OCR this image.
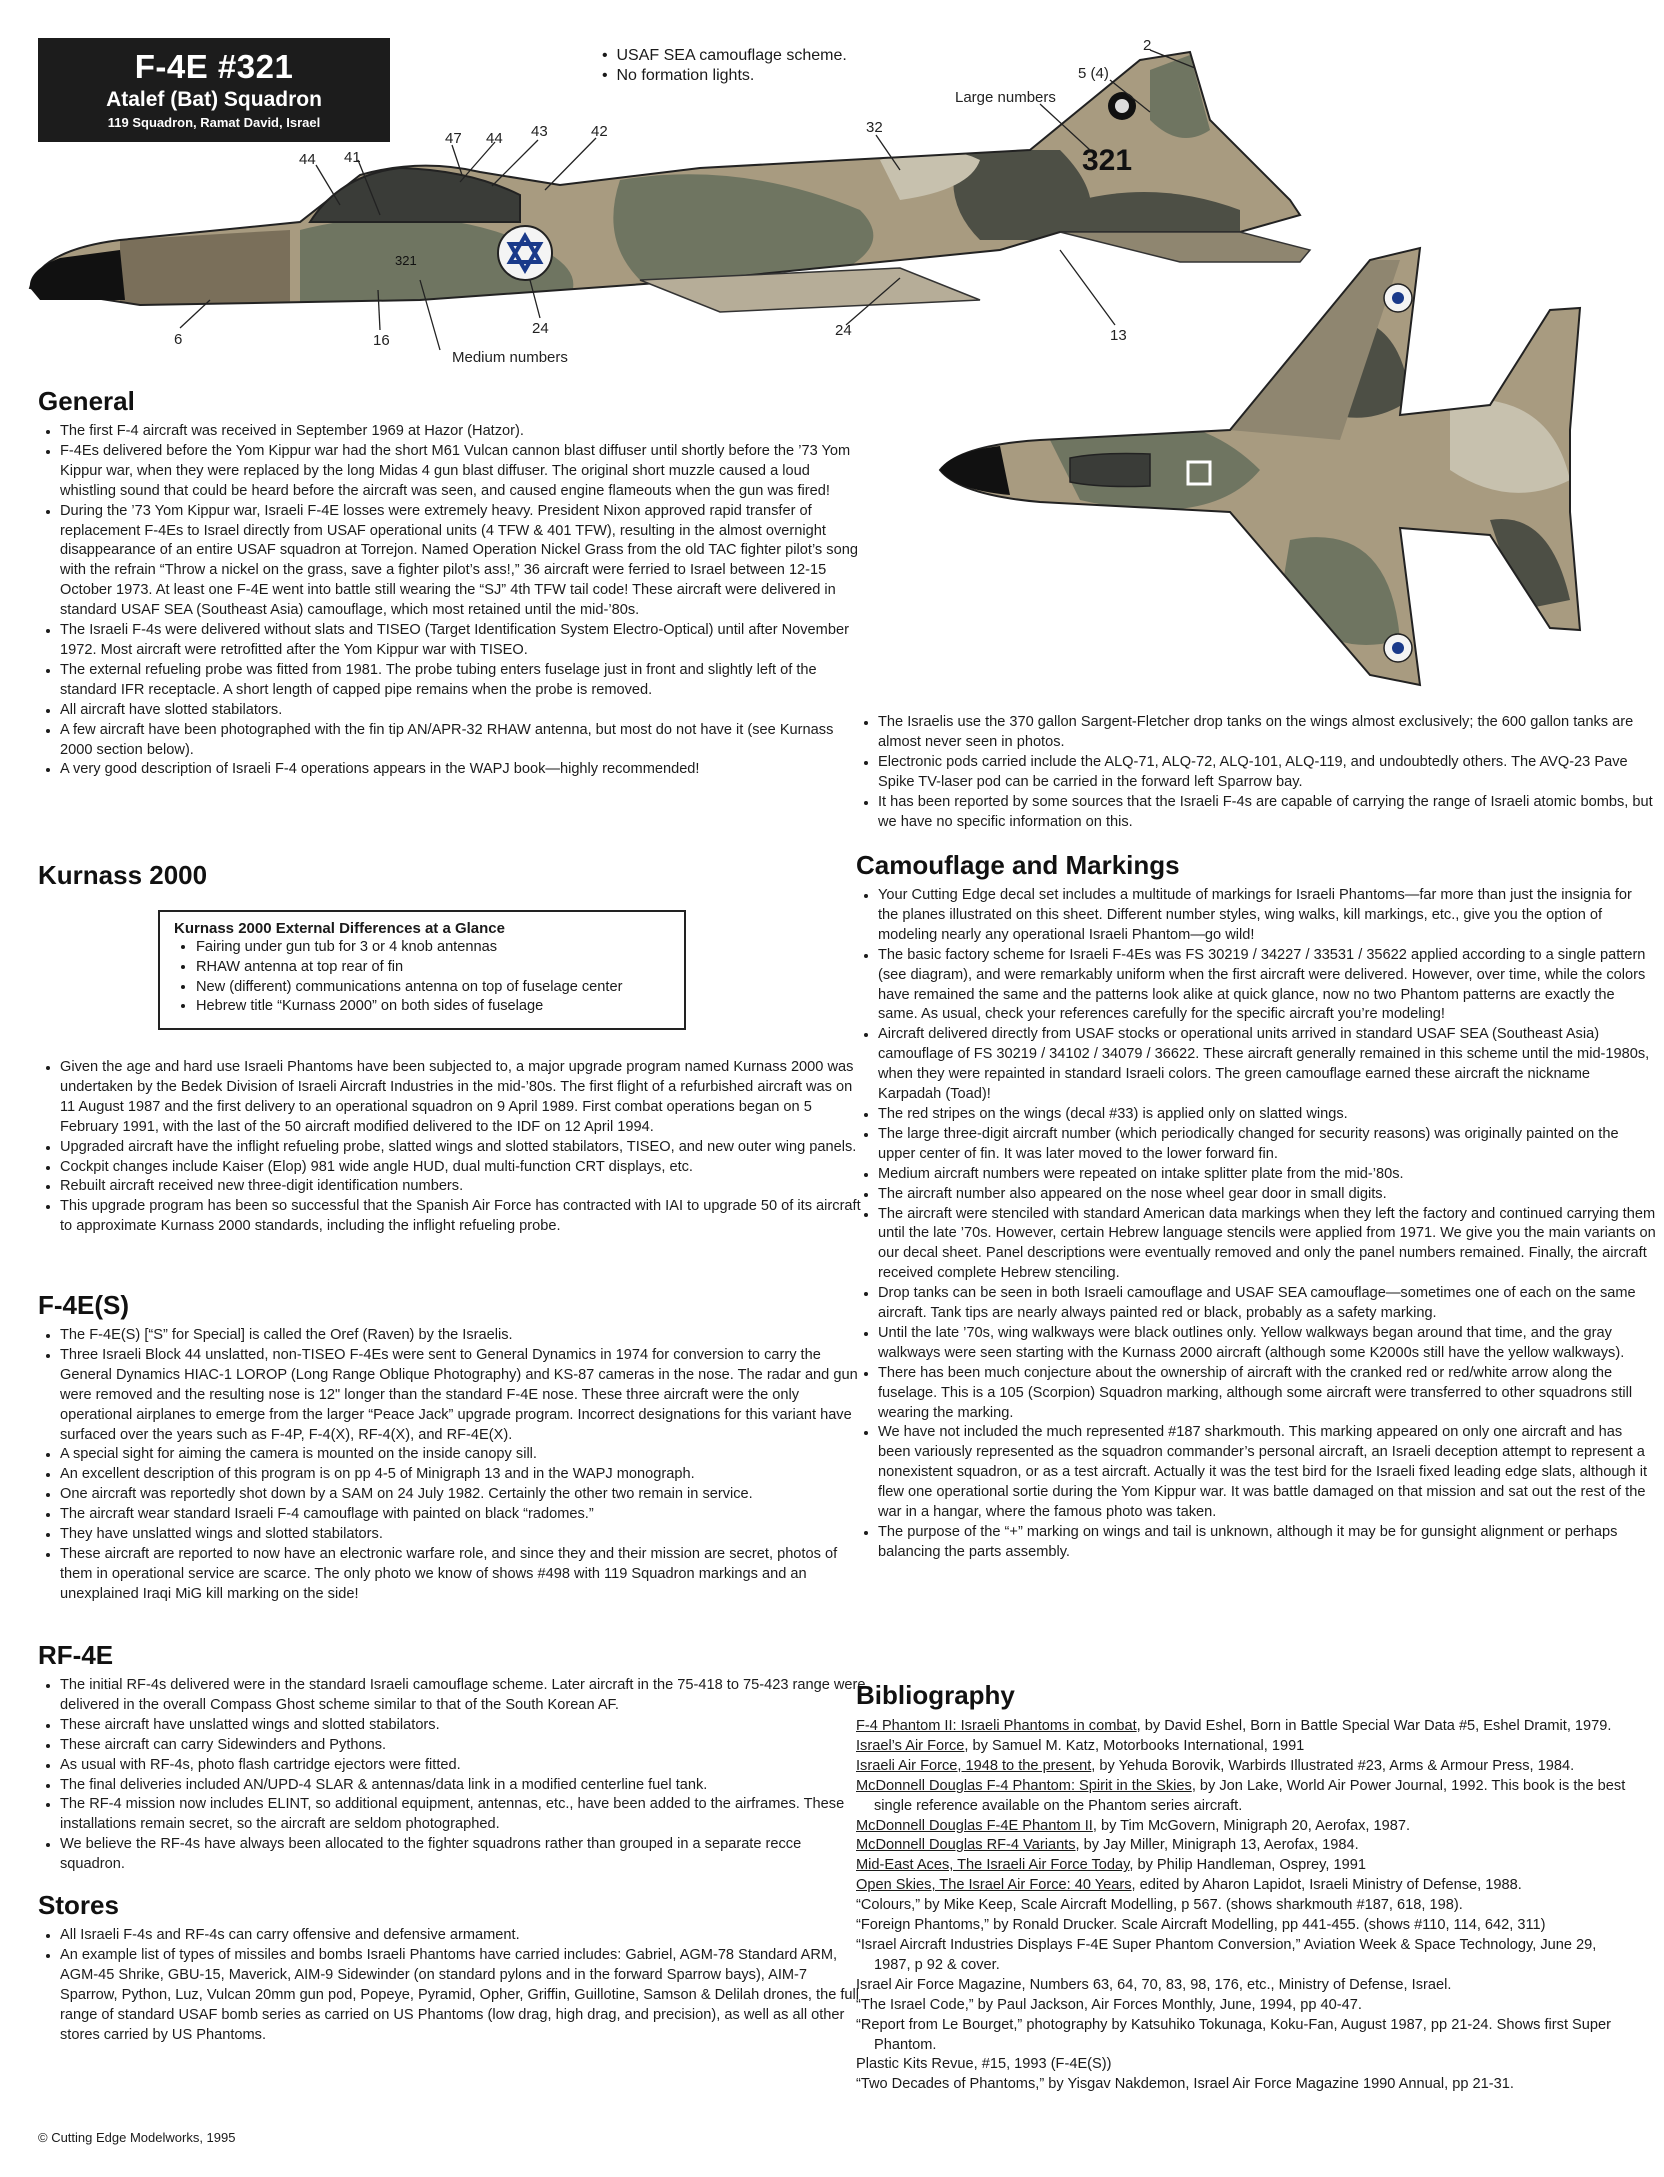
F-4E #321
Atalef (Bat) Squadron
119 Squadron, Ramat David, Israel
•  USAF SEA camouflage scheme.
•  No formation lights.
321
321
2
5 (4)
Large numbers
32
47 44 43	42
44 41
6	16
24	24	13
Medium numbers
General
• The first F-4 aircraft was received in September 1969 at Hazor (Hatzor).
• F-4Es delivered before the Yom Kippur war had the short M61 Vulcan cannon blast diffuser until shortly before the ’73 Yom Kippur war, when they were replaced by the long Midas 4 gun blast diffuser. The original short muzzle caused a loud whistling sound that could be heard before the aircraft was seen, and caused engine flameouts when the gun was fired!
• During the ’73 Yom Kippur war, Israeli F-4E losses were extremely heavy. President Nixon approved rapid transfer of replacement F-4Es to Israel directly from USAF operational units (4 TFW & 401 TFW), resulting in the almost overnight disappearance of an entire USAF squadron at Torrejon. Named Operation Nickel Grass from the old TAC fighter pilot’s song with the refrain “Throw a nickel on the grass, save a fighter pilot’s ass!,” 36 aircraft were ferried to Israel between 12-15 October 1973. At least one F-4E went into battle still wearing the “SJ” 4th TFW tail code! These aircraft were delivered in standard USAF SEA (Southeast Asia) camouflage, which most retained until the mid-’80s.
• The Israeli F-4s were delivered without slats and TISEO (Target Identification System Electro-Optical) until after November 1972. Most aircraft were retrofitted after the Yom Kippur war with TISEO.
• The external refueling probe was fitted from 1981. The probe tubing enters fuselage just in front and slightly left of the standard IFR receptacle. A short length of capped pipe remains when the probe is removed.
• All aircraft have slotted stabilators.
• A few aircraft have been photographed with the fin tip AN/APR-32 RHAW antenna, but most do not have it (see Kurnass 2000 section below).
• A very good description of Israeli F-4 operations appears in the WAPJ book—highly recommended!
Kurnass 2000
Kurnass 2000 External Differences at a Glance
• Fairing under gun tub for 3 or 4 knob antennas
• RHAW antenna at top rear of fin
• New (different) communications antenna on top of fuselage center
• Hebrew title “Kurnass 2000” on both sides of fuselage
• Given the age and hard use Israeli Phantoms have been subjected to, a major upgrade program named Kurnass 2000 was undertaken by the Bedek Division of Israeli Aircraft Industries in the mid-’80s. The first flight of a refurbished aircraft was on 11 August 1987 and the first delivery to an operational squadron on 9 April 1989. First combat operations began on 5 February 1991, with the last of the 50 aircraft modified delivered to the IDF on 12 April 1994.
• Upgraded aircraft have the inflight refueling probe, slatted wings and slotted stabilators, TISEO, and new outer wing panels.
• Cockpit changes include Kaiser (Elop) 981 wide angle HUD, dual multi-function CRT displays, etc.
• Rebuilt aircraft received new three-digit identification numbers.
• This upgrade program has been so successful that the Spanish Air Force has contracted with IAI to upgrade 50 of its aircraft to approximate Kurnass 2000 standards, including the inflight refueling probe.
F-4E(S)
• The F-4E(S) [“S” for Special] is called the Oref (Raven) by the Israelis.
• Three Israeli Block 44 unslatted, non-TISEO F-4Es were sent to General Dynamics in 1974 for conversion to carry the General Dynamics HIAC-1 LOROP (Long Range Oblique Photography) and KS-87 cameras in the nose. The radar and gun were removed and the resulting nose is 12" longer than the standard F-4E nose. These three aircraft were the only operational airplanes to emerge from the larger “Peace Jack” upgrade program. Incorrect designations for this variant have surfaced over the years such as F-4P, F-4(X), RF-4(X), and RF-4E(X).
• A special sight for aiming the camera is mounted on the inside canopy sill.
• An excellent description of this program is on pp 4-5 of Minigraph 13 and in the WAPJ monograph.
• One aircraft was reportedly shot down by a SAM on 24 July 1982. Certainly the other two remain in service.
• The aircraft wear standard Israeli F-4 camouflage with painted on black “radomes.”
• They have unslatted wings and slotted stabilators.
• These aircraft are reported to now have an electronic warfare role, and since they and their mission are secret, photos of them in operational service are scarce. The only photo we know of shows #498 with 119 Squadron markings and an unexplained Iraqi MiG kill marking on the side!
RF-4E
• The initial RF-4s delivered were in the standard Israeli camouflage scheme. Later aircraft in the 75-418 to 75-423 range were delivered in the overall Compass Ghost scheme similar to that of the South Korean AF.
• These aircraft have unslatted wings and slotted stabilators.
• These aircraft can carry Sidewinders and Pythons.
• As usual with RF-4s, photo flash cartridge ejectors were fitted.
• The final deliveries included AN/UPD-4 SLAR & antennas/data link in a modified centerline fuel tank.
• The RF-4 mission now includes ELINT, so additional equipment, antennas, etc., have been added to the airframes. These installations remain secret, so the aircraft are seldom photographed.
• We believe the RF-4s have always been allocated to the fighter squadrons rather than grouped in a separate recce squadron.
Stores
• All Israeli F-4s and RF-4s can carry offensive and defensive armament.
• An example list of types of missiles and bombs Israeli Phantoms have carried includes: Gabriel, AGM-78 Standard ARM, AGM-45 Shrike, GBU-15, Maverick, AIM-9 Sidewinder (on standard pylons and in the forward Sparrow bays), AIM-7 Sparrow, Python, Luz, Vulcan 20mm gun pod, Popeye, Pyramid, Opher, Griffin, Guillotine, Samson & Delilah drones, the full range of standard USAF bomb series as carried on US Phantoms (low drag, high drag, and precision), as well as all other stores carried by US Phantoms.
• The Israelis use the 370 gallon Sargent-Fletcher drop tanks on the wings almost exclusively; the 600 gallon tanks are almost never seen in photos.
• Electronic pods carried include the ALQ-71, ALQ-72, ALQ-101, ALQ-119, and undoubtedly others. The AVQ-23 Pave Spike TV-laser pod can be carried in the forward left Sparrow bay.
• It has been reported by some sources that the Israeli F-4s are capable of carrying the range of Israeli atomic bombs, but we have no specific information on this.
Camouflage and Markings
• Your Cutting Edge decal set includes a multitude of markings for Israeli Phantoms—far more than just the insignia for the planes illustrated on this sheet. Different number styles, wing walks, kill markings, etc., give you the option of modeling nearly any operational Israeli Phantom—go wild!
• The basic factory scheme for Israeli F-4Es was FS 30219 / 34227 / 33531 / 35622 applied according to a single pattern (see diagram), and were remarkably uniform when the first aircraft were delivered. However, over time, while the colors have remained the same and the patterns look alike at quick glance, now no two Phantom patterns are exactly the same. As usual, check your references carefully for the specific aircraft you’re modeling!
• Aircraft delivered directly from USAF stocks or operational units arrived in standard USAF SEA (Southeast Asia) camouflage of FS 30219 / 34102 / 34079 / 36622. These aircraft generally remained in this scheme until the mid-1980s, when they were repainted in standard Israeli colors. The green camouflage earned these aircraft the nickname Karpadah (Toad)!
• The red stripes on the wings (decal #33) is applied only on slatted wings.
• The large three-digit aircraft number (which periodically changed for security reasons) was originally painted on the upper center of fin. It was later moved to the lower forward fin.
• Medium aircraft numbers were repeated on intake splitter plate from the mid-’80s.
• The aircraft number also appeared on the nose wheel gear door in small digits.
• The aircraft were stenciled with standard American data markings when they left the factory and continued carrying them until the late ’70s. However, certain Hebrew language stencils were applied from 1971. We give you the main variants on our decal sheet. Panel descriptions were eventually removed and only the panel numbers remained. Finally, the aircraft received complete Hebrew stenciling.
• Drop tanks can be seen in both Israeli camouflage and USAF SEA camouflage—sometimes one of each on the same aircraft. Tank tips are nearly always painted red or black, probably as a safety marking.
• Until the late ’70s, wing walkways were black outlines only. Yellow walkways began around that time, and the gray walkways were seen starting with the Kurnass 2000 aircraft (although some K2000s still have the yellow walkways).
• There has been much conjecture about the ownership of aircraft with the cranked red or red/white arrow along the fuselage. This is a 105 (Scorpion) Squadron marking, although some aircraft were transferred to other squadrons still wearing the marking.
• We have not included the much represented #187 sharkmouth. This marking appeared on only one aircraft and has been variously represented as the squadron commander’s personal aircraft, an Israeli deception attempt to represent a nonexistent squadron, or as a test aircraft. Actually it was the test bird for the Israeli fixed leading edge slats, although it flew one operational sortie during the Yom Kippur war. It was battle damaged on that mission and sat out the rest of the war in a hangar, where the famous photo was taken.
• The purpose of the “+” marking on wings and tail is unknown, although it may be for gunsight alignment or perhaps balancing the parts assembly.
Bibliography
F-4 Phantom II: Israeli Phantoms in combat, by David Eshel, Born in Battle Special War Data #5, Eshel Dramit, 1979.
Israel’s Air Force, by Samuel M. Katz, Motorbooks International, 1991
Israeli Air Force, 1948 to the present, by Yehuda Borovik, Warbirds Illustrated #23, Arms & Armour Press, 1984.
McDonnell Douglas F-4 Phantom: Spirit in the Skies, by Jon Lake, World Air Power Journal, 1992. This book is the best single reference available on the Phantom series aircraft.
McDonnell Douglas F-4E Phantom II, by Tim McGovern, Minigraph 20, Aerofax, 1987.
McDonnell Douglas RF-4 Variants, by Jay Miller, Minigraph 13, Aerofax, 1984.
Mid-East Aces, The Israeli Air Force Today, by Philip Handleman, Osprey, 1991
Open Skies, The Israel Air Force: 40 Years, edited by Aharon Lapidot, Israeli Ministry of Defense, 1988.
“Colours,” by Mike Keep, Scale Aircraft Modelling, p 567. (shows sharkmouth #187, 618, 198).
“Foreign Phantoms,” by Ronald Drucker. Scale Aircraft Modelling, pp 441-455. (shows #110, 114, 642, 311)
“Israel Aircraft Industries Displays F-4E Super Phantom Conversion,” Aviation Week & Space Technology, June 29, 1987, p 92 & cover.
Israel Air Force Magazine, Numbers 63, 64, 70, 83, 98, 176, etc., Ministry of Defense, Israel.
“The Israel Code,” by Paul Jackson, Air Forces Monthly, June, 1994, pp 40-47.
“Report from Le Bourget,” photography by Katsuhiko Tokunaga, Koku-Fan, August 1987, pp 21-24. Shows first Super Phantom.
Plastic Kits Revue, #15, 1993 (F-4E(S))
“Two Decades of Phantoms,” by Yisgav Nakdemon, Israel Air Force Magazine 1990 Annual, pp 21-31.
© Cutting Edge Modelworks, 1995
